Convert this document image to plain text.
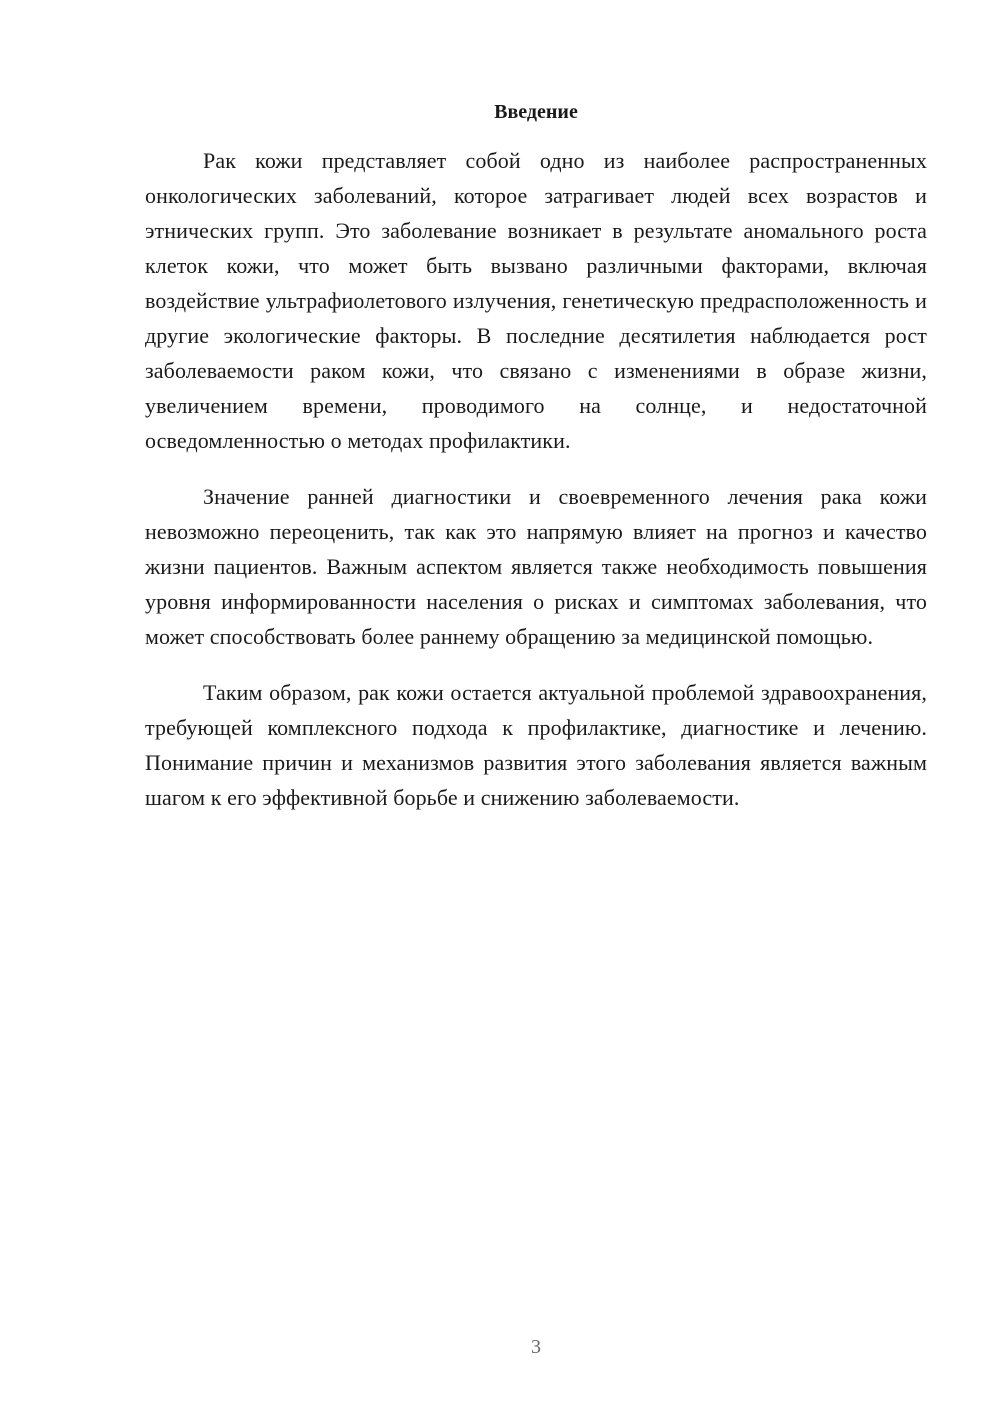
Введение

Рак кожи представляет собой одно из наиболее распространенных онкологических заболеваний, которое затрагивает людей всех возрастов и этнических групп. Это заболевание возникает в результате аномального роста клеток кожи, что может быть вызвано различными факторами, включая воздействие ультрафиолетового излучения, генетическую предрасположенность и другие экологические факторы. В последние десятилетия наблюдается рост заболеваемости раком кожи, что связано с изменениями в образе жизни, увеличением времени, проводимого на солнце, и недостаточной осведомленностью о методах профилактики.

Значение ранней диагностики и своевременного лечения рака кожи невозможно переоценить, так как это напрямую влияет на прогноз и качество жизни пациентов. Важным аспектом является также необходимость повышения уровня информированности населения о рисках и симптомах заболевания, что может способствовать более раннему обращению за медицинской помощью.

Таким образом, рак кожи остается актуальной проблемой здравоохранения, требующей комплексного подхода к профилактике, диагностике и лечению. Понимание причин и механизмов развития этого заболевания является важным шагом к его эффективной борьбе и снижению заболеваемости.

3
